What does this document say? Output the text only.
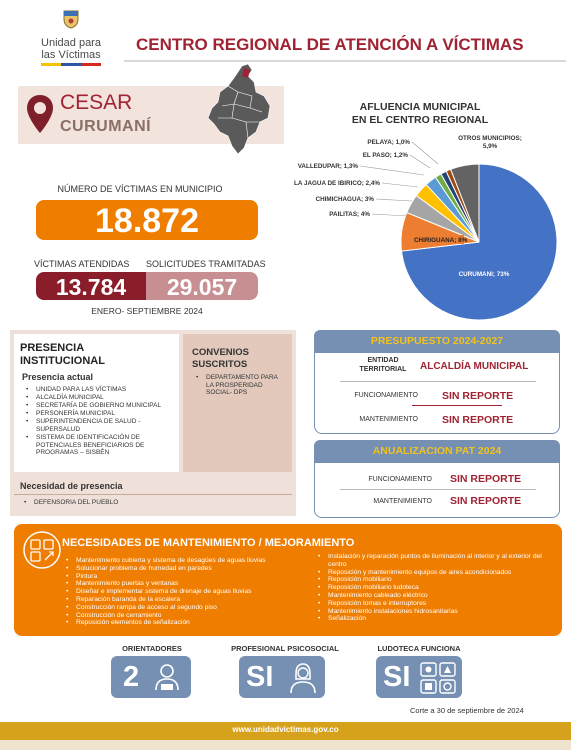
Unidad para
las Víctimas
CENTRO REGIONAL DE ATENCIÓN A VÍCTIMAS
CESAR
CURUMANÍ
NÚMERO DE VÍCTIMAS EN MUNICIPIO
18.872
VÍCTIMAS ATENDIDAS SOLICITUDES TRAMITADAS
13.784	29.057
ENERO- SEPTIEMBRE 2024
AFLUENCIA MUNICIPAL
EN EL CENTRO REGIONAL
CURUMANI; 73%
CHIRIGUANA; 8%
PAILITAS; 4%
CHIMICHAGUA; 3%
LA JAGUA DE IBIRICO; 2,4%
VALLEDUPAR; 1,3%
EL PASO; 1,2%
PELAYA; 1,0%
OTROS MUNICIPIOS;
5,9%
PRESENCIA
INSTITUCIONAL
Presencia actual
• UNIDAD PARA LAS VÍCTIMAS
• ALCALDÍA MUNICIPAL
• SECRETARÍA DE GOBIERNO MUNICIPAL
• PERSONERÍA MUNICIPAL
• SUPERINTENDENCIA DE SALUD - SUPERSALUD
• SISTEMA DE IDENTIFICACIÓN DE POTENCIALES BENEFICIARIOS DE PROGRAMAS – SISBÉN
CONVENIOS
SUSCRITOS
• DEPARTAMENTO PARA LA PROSPERIDAD SOCIAL- DPS
Necesidad de presencia
• DEFENSORIA DEL PUEBLO
PRESUPUESTO 2024-2027
ENTIDAD TERRITORIAL	ALCALDÍA MUNICIPAL
FUNCIONAMIENTO SIN REPORTE
MANTENIMIENTO SIN REPORTE
ANUALIZACION PAT 2024
FUNCIONAMIENTO SIN REPORTE
MANTENIMIENTO SIN REPORTE
NECESIDADES DE MANTENIMIENTO / MEJORAMIENTO
• Mantenimiento cubierta y sistema de desagües de aguas lluvias
• Solucionar problema de humedad en paredes
• Pintura
• Mantenimiento puertas y ventanas
• Diseñar e implementar sistema de drenaje de aguas lluvias
• Reparación baranda de la escalera
• Construcción rampa de acceso al segundo piso
• Construcción de cerramiento
• Reposición elementos de señalización
• Instalación y reparación puntos de iluminación al interior y al exterior del centro
• Reposición y mantenimiento equipos de aires acondicionados
• Reposición mobiliario
• Reposición mobiliario ludoteca
• Mantenimiento cableado eléctrico
• Reposición tomas e interruptores
• Mantenimiento instalaciones hidrosanitarias
• Señalización
ORIENTADORES
2
PROFESIONAL PSICOSOCIAL
SI
LUDOTECA FUNCIONA
SI
Corte a 30 de septiembre de 2024
www.unidadvictimas.gov.co
